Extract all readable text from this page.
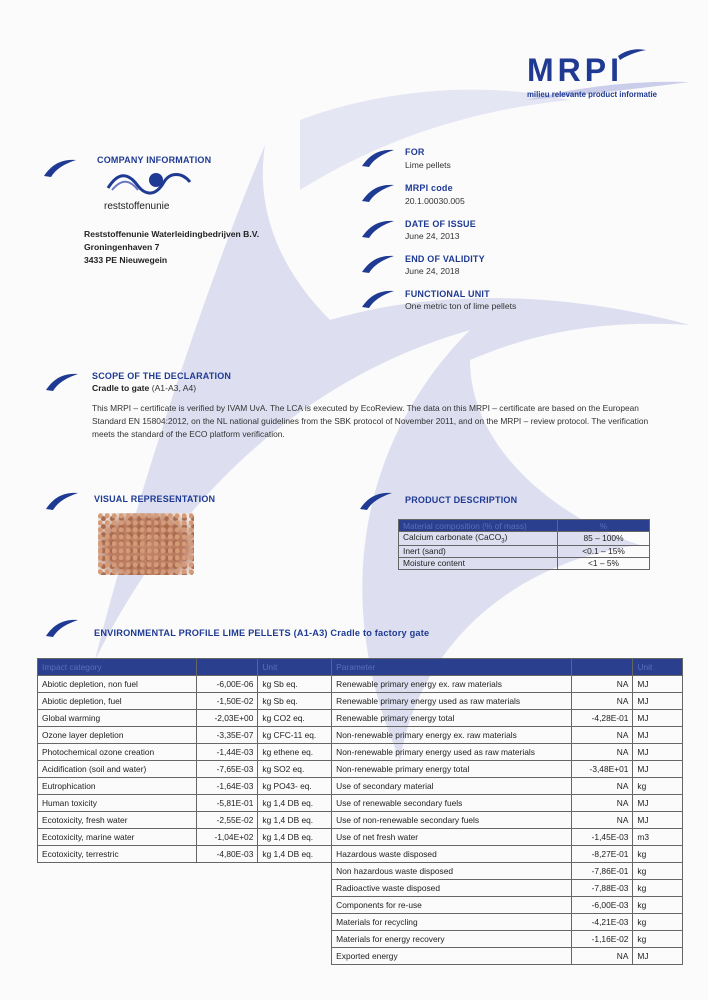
MRPI
milieu relevante product informatie
COMPANY INFORMATION
reststoffenunie
Reststoffenunie Waterleidingbedrijven B.V.
Groningenhaven 7
3433 PE Nieuwegein
FOR
Lime pellets
MRPI code
20.1.00030.005
DATE OF ISSUE
June 24, 2013
END OF VALIDITY
June 24, 2018
FUNCTIONAL UNIT
One metric ton of lime pellets
SCOPE OF THE DECLARATION
Cradle to gate (A1-A3, A4)
This MRPI – certificate is verified by IVAM UvA. The LCA is executed by EcoReview. The data on this MRPI – certificate are based on the European Standard EN 15804:2012, on the NL national guidelines from the SBK protocol of November 2011, and on the MRPI – review protocol. The verification meets the standard of the ECO platform verification.
VISUAL REPRESENTATION	PRODUCT DESCRIPTION
Material composition (% of mass)	%
Calcium carbonate (CaCO$_3$)	85 – 100%
Inert (sand)	<0.1 – 15%
Moisture content	<1 – 5%
ENVIRONMENTAL PROFILE LIME PELLETS (A1-A3) Cradle to factory gate
Impact category		Unit	Parameter		Unit
Abiotic depletion, non fuel	-6,00E-06	kg Sb eq.	Renewable primary energy ex. raw materials	NA	MJ
Abiotic depletion, fuel	-1,50E-02	kg Sb eq.	Renewable primary energy used as raw materials	NA	MJ
Global warming	-2,03E+00	kg CO2 eq.	Renewable primary energy total	-4,28E-01	MJ
Ozone layer depletion	-3,35E-07	kg CFC-11 eq.	Non-renewable primary energy ex. raw materials	NA	MJ
Photochemical ozone creation	-1,44E-03	kg ethene eq.	Non-renewable primary energy used as raw materials	NA	MJ
Acidification (soil and water)	-7,65E-03	kg SO2 eq.	Non-renewable primary energy total	-3,48E+01	MJ
Eutrophication	-1,64E-03	kg PO43- eq.	Use of secondary material	NA	kg
Human toxicity	-5,81E-01	kg 1,4 DB eq.	Use of renewable secondary fuels	NA	MJ
Ecotoxicity, fresh water	-2,55E-02	kg 1,4 DB eq.	Use of non-renewable secondary fuels	NA	MJ
Ecotoxicity, marine water	-1,04E+02	kg 1,4 DB eq.	Use of net fresh water	-1,45E-03	m3
Ecotoxicity, terrestric	-4,80E-03	kg 1,4 DB eq.	Hazardous waste disposed	-8,27E-01	kg
			Non hazardous waste disposed	-7,86E-01	kg
			Radioactive waste disposed	-7,88E-03	kg
			Components for re-use	-6,00E-03	kg
			Materials for recycling	-4,21E-03	kg
			Materials for energy recovery	-1,16E-02	kg
			Exported energy	NA	MJ
